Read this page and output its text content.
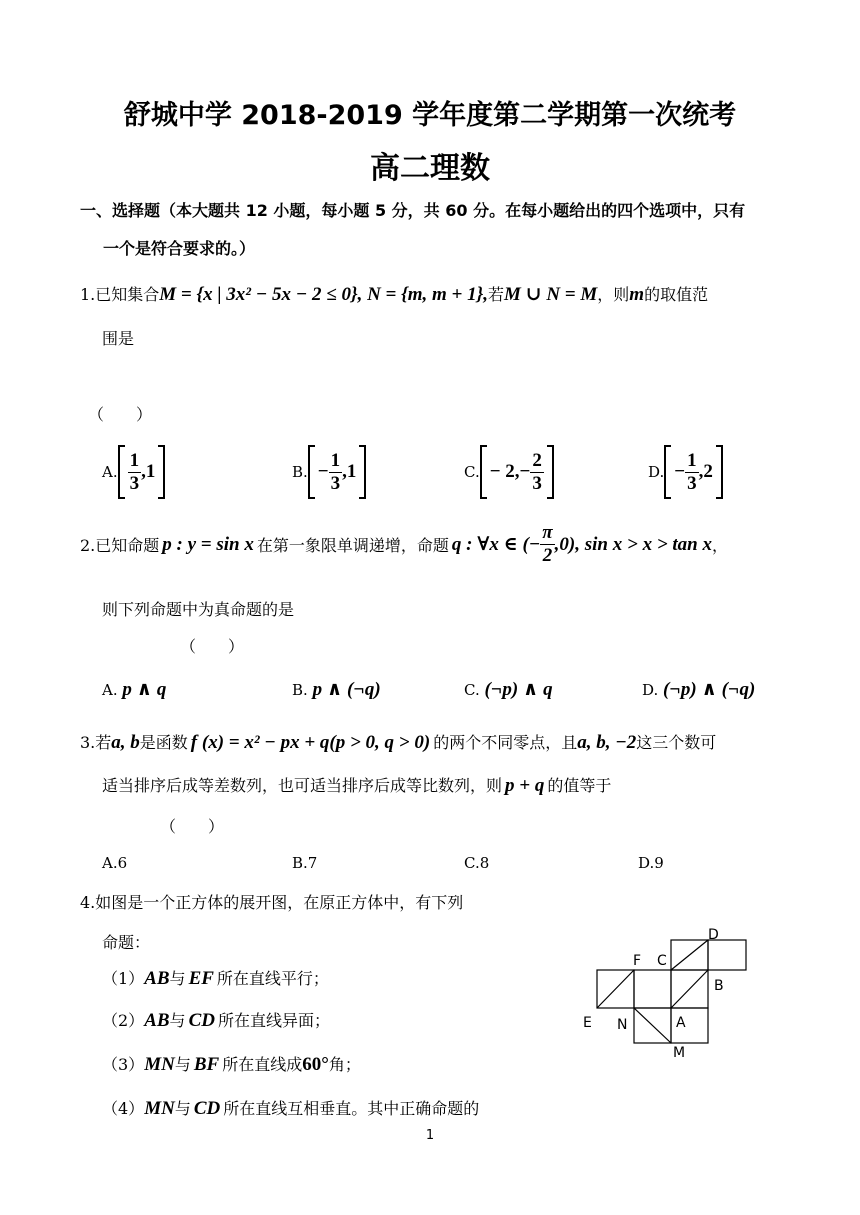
舒城中学 2018-2019 学年度第二学期第一次统考
高二理数
一、选择题（本大题共 12 小题，每小题 5 分，共 60 分。在每小题给出的四个选项中，只有
一个是符合要求的。）
1.已知集合M = {x | 3x² − 5x − 2 ≤ 0}, N = {m, m + 1},若M ∪ N = M，则m的取值范
围是
（　　）
A. $\frac{1}{3} ,1$	B. − $\frac{1}{3} ,1$	C. − $2,- \frac{2}{3}$	D. − $\frac{1}{3} ,2$
2.已知命题 p : y = sin x 在第一象限单调递增，命题 q : ∀x ∈ (− $\frac{\pi}{2} ,0$), sin x > x > tan x ，
则下列命题中为真命题的是
（　　）
A. p ∧ q	B. p ∧ (¬q)	C. (¬p) ∧ q	D. (¬p) ∧ (¬q)
3.若a, b是函数 f (x) = x² − px + q(p > 0, q > 0) 的两个不同零点，且a, b, −2这三个数可
适当排序后成等差数列，也可适当排序后成等比数列，则 p + q 的值等于
（　　）
A.6	B.7	C.8	D.9
4.如图是一个正方体的展开图，在原正方体中，有下列
命题：
（1）AB与 EF 所在直线平行；
（2）AB与 CD 所在直线异面；
（3）MN与 BF 所在直线成60°角；
（4）MN与 CD 所在直线互相垂直。其中正确命题的
D
F C
B
E N	A
M
1
